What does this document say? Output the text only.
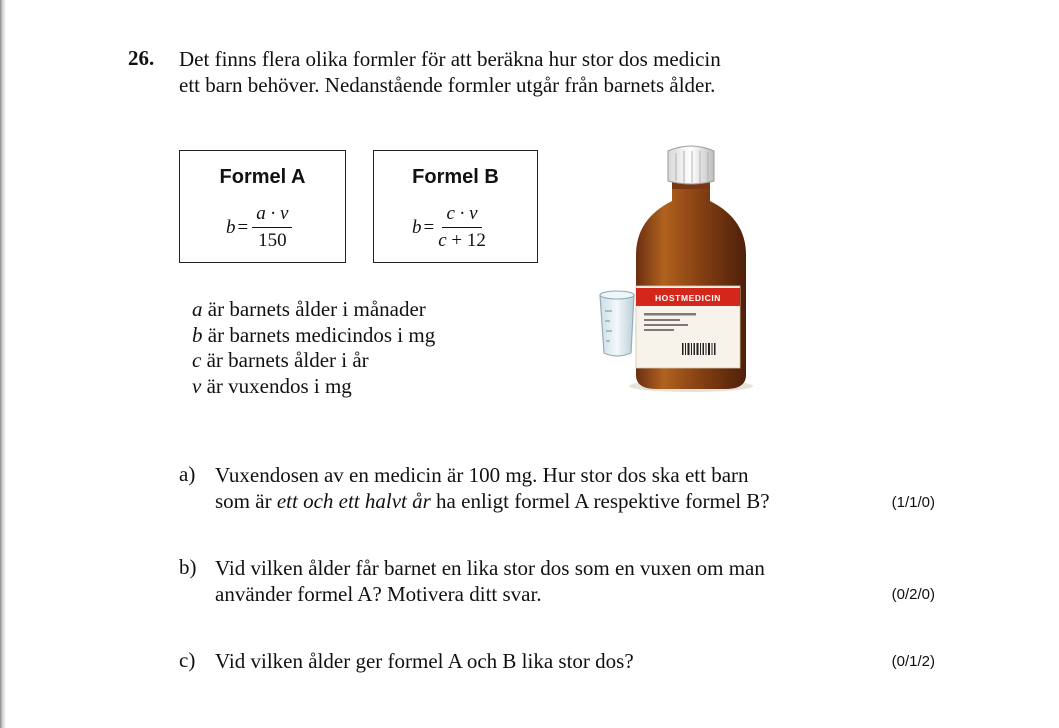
26. Det finns flera olika formler för att beräkna hur stor dos medicin
ett barn behöver. Nedanstående formler utgår från barnets ålder.
Formel A
$b = \frac{a \cdot v}{150}$
Formel B
$b = \frac{c \cdot v}{c + 12}$
a är barnets ålder i månader
b är barnets medicindos i mg
c är barnets ålder i år
v är vuxendos i mg
HOSTMEDICIN
a) Vuxendosen av en medicin är 100 mg. Hur stor dos ska ett barn
som är ett och ett halvt år ha enligt formel A respektive formel B?	(1/1/0)
b) Vid vilken ålder får barnet en lika stor dos som en vuxen om man
använder formel A? Motivera ditt svar.	(0/2/0)
c) Vid vilken ålder ger formel A och B lika stor dos?	(0/1/2)
